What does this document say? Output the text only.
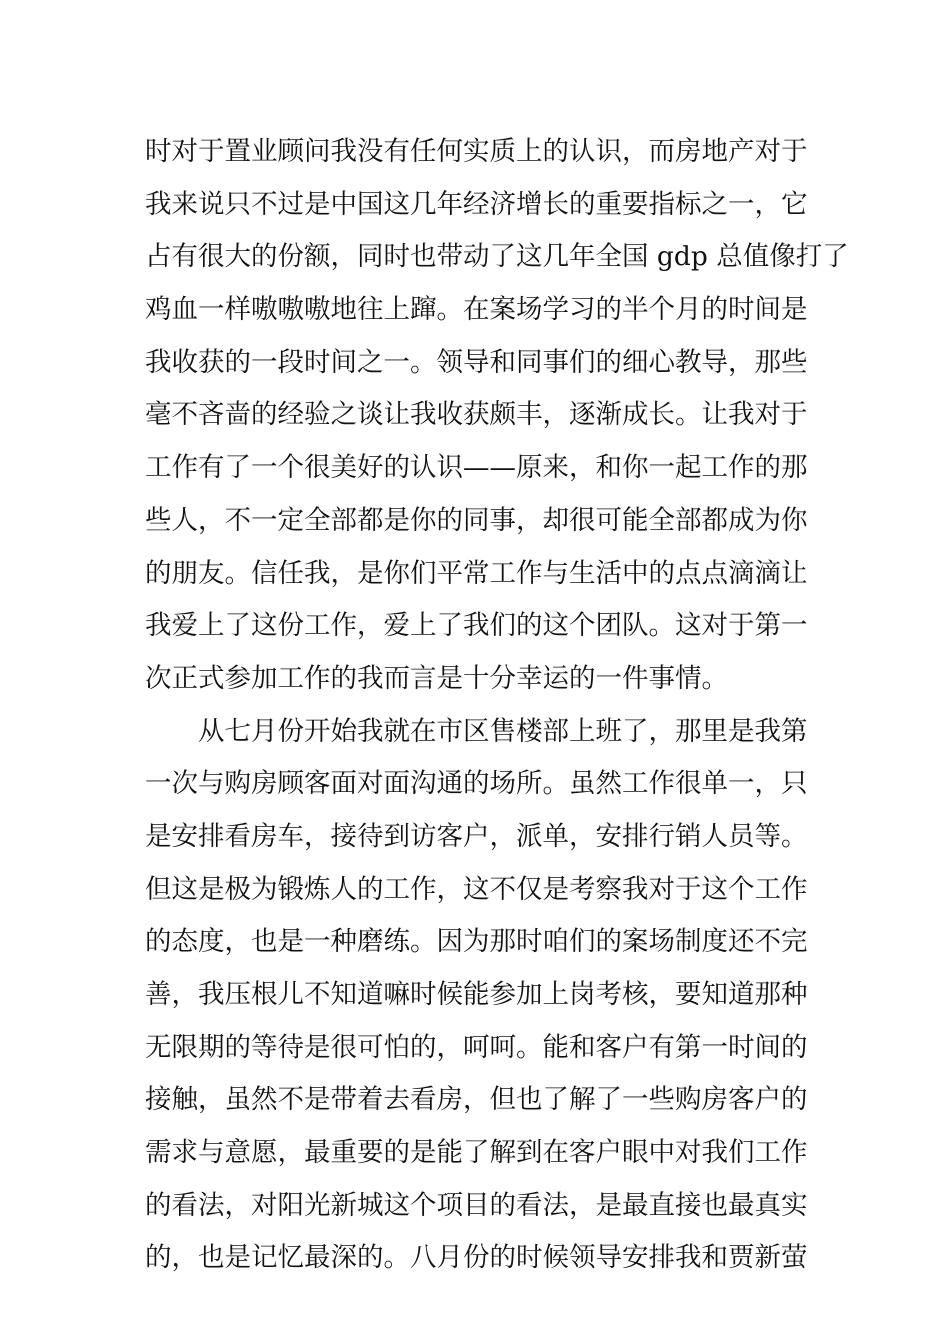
时对于置业顾问我没有任何实质上的认识，而房地产对于
我来说只不过是中国这几年经济增长的重要指标之一，它
占有很大的份额，同时也带动了这几年全国 gdp 总值像打了
鸡血一样嗷嗷嗷地往上蹿。在案场学习的半个月的时间是
我收获的一段时间之一。领导和同事们的细心教导，那些
毫不吝啬的经验之谈让我收获颇丰，逐渐成长。让我对于
工作有了一个很美好的认识——原来，和你一起工作的那
些人，不一定全部都是你的同事，却很可能全部都成为你
的朋友。信任我，是你们平常工作与生活中的点点滴滴让
我爱上了这份工作，爱上了我们的这个团队。这对于第一
次正式参加工作的我而言是十分幸运的一件事情。
　　从七月份开始我就在市区售楼部上班了，那里是我第
一次与购房顾客面对面沟通的场所。虽然工作很单一，只
是安排看房车，接待到访客户，派单，安排行销人员等。
但这是极为锻炼人的工作，这不仅是考察我对于这个工作
的态度，也是一种磨练。因为那时咱们的案场制度还不完
善，我压根儿不知道嘛时候能参加上岗考核，要知道那种
无限期的等待是很可怕的，呵呵。能和客户有第一时间的
接触，虽然不是带着去看房，但也了解了一些购房客户的
需求与意愿，最重要的是能了解到在客户眼中对我们工作
的看法，对阳光新城这个项目的看法，是最直接也最真实
的，也是记忆最深的。八月份的时候领导安排我和贾新萤
